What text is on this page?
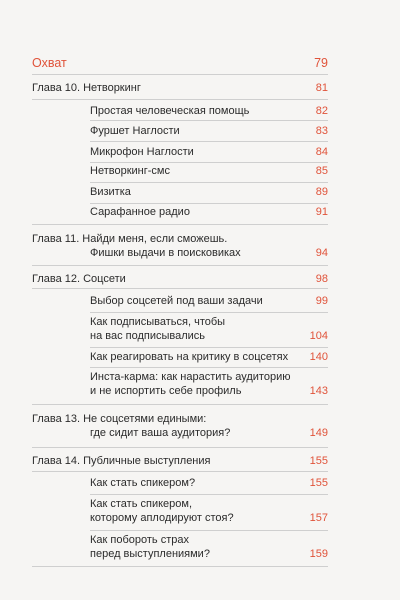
Охват	79
Глава 10. Нетворкинг	81
Простая человеческая помощь	82
Фуршет Наглости	83
Микрофон Наглости	84
Нетворкинг-смс	85
Визитка	89
Сарафанное радио	91
Глава 11. Найди меня, если сможешь.
Фишки выдачи в поисковиках	94
Глава 12. Соцсети	98
Выбор соцсетей под ваши задачи	99
Как подписываться, чтобы
на вас подписывались	104
Как реагировать на критику в соцсетях 140
Инста-карма: как нарастить аудиторию
и не испортить себе профиль	143
Глава 13. Не соцсетями едиными:
где сидит ваша аудитория?	149
Глава 14. Публичные выступления	155
Как стать спикером?	155
Как стать спикером,
которому аплодируют стоя?	157
Как побороть страх
перед выступлениями?	159
